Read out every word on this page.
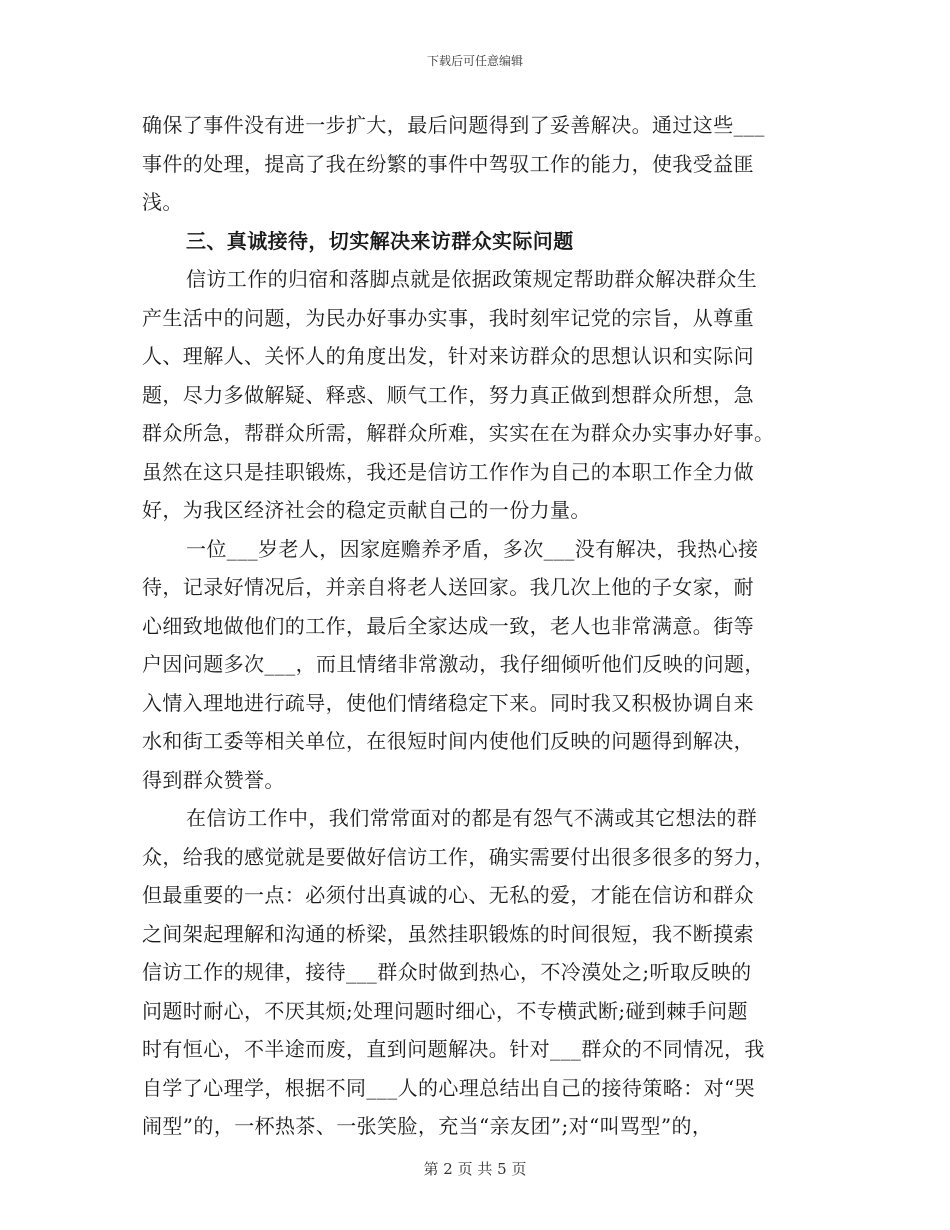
下载后可任意编辑
确保了事件没有进一步扩大，最后问题得到了妥善解决。通过这些___
事件的处理，提高了我在纷繁的事件中驾驭工作的能力，使我受益匪
浅。
三、真诚接待，切实解决来访群众实际问题
信访工作的归宿和落脚点就是依据政策规定帮助群众解决群众生
产生活中的问题，为民办好事办实事，我时刻牢记党的宗旨，从尊重
人、理解人、关怀人的角度出发，针对来访群众的思想认识和实际问
题，尽力多做解疑、释惑、顺气工作，努力真正做到想群众所想，急
群众所急，帮群众所需，解群众所难，实实在在为群众办实事办好事。
虽然在这只是挂职锻炼，我还是信访工作作为自己的本职工作全力做
好，为我区经济社会的稳定贡献自己的一份力量。
一位___岁老人，因家庭赡养矛盾，多次___没有解决，我热心接
待，记录好情况后，并亲自将老人送回家。我几次上他的子女家，耐
心细致地做他们的工作，最后全家达成一致，老人也非常满意。街等
户因问题多次___，而且情绪非常激动，我仔细倾听他们反映的问题，
入情入理地进行疏导，使他们情绪稳定下来。同时我又积极协调自来
水和街工委等相关单位，在很短时间内使他们反映的问题得到解决，
得到群众赞誉。
在信访工作中，我们常常面对的都是有怨气不满或其它想法的群
众，给我的感觉就是要做好信访工作，确实需要付出很多很多的努力，
但最重要的一点：必须付出真诚的心、无私的爱，才能在信访和群众
之间架起理解和沟通的桥梁，虽然挂职锻炼的时间很短，我不断摸索
信访工作的规律，接待___群众时做到热心，不冷漠处之;听取反映的
问题时耐心，不厌其烦;处理问题时细心，不专横武断;碰到棘手问题
时有恒心，不半途而废，直到问题解决。针对___群众的不同情况，我
自学了心理学，根据不同___人的心理总结出自己的接待策略：对“哭
闹型”的，一杯热茶、一张笑脸，充当“亲友团”;对“叫骂型”的，
第 2 页 共 5 页
